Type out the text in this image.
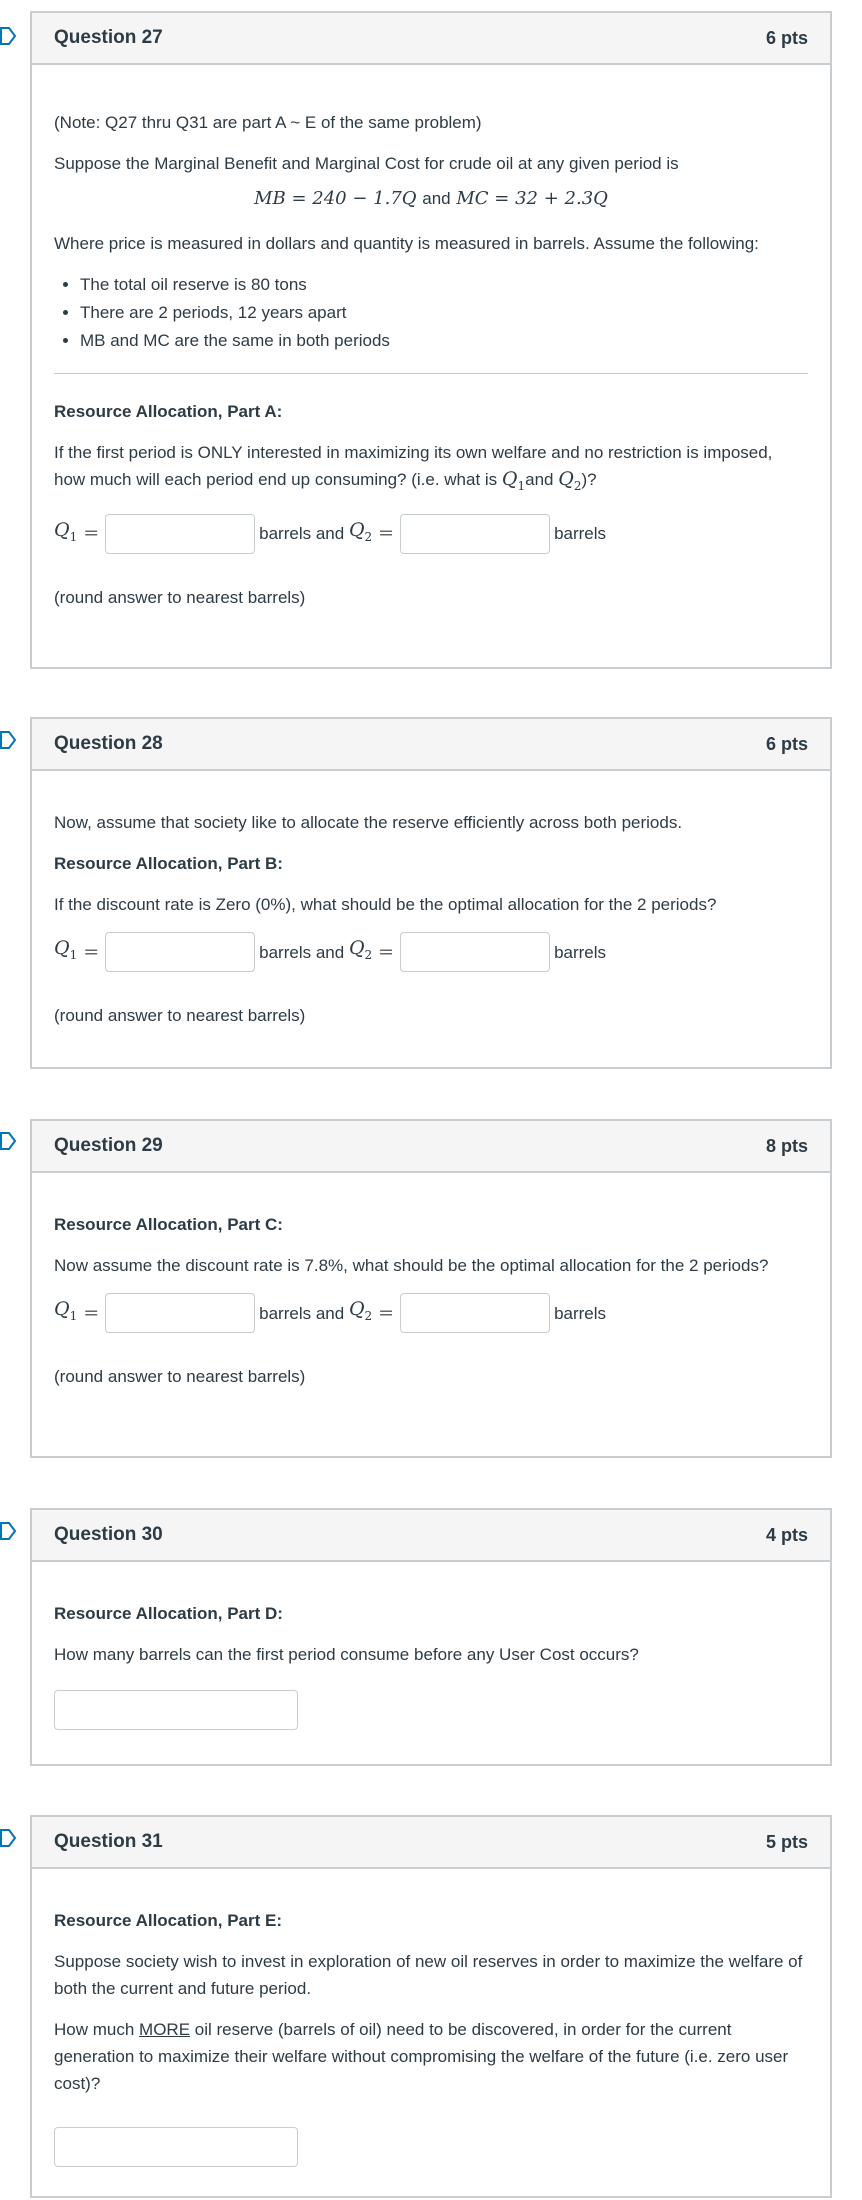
Question 27	6 pts

(Note: Q27 thru Q31 are part A ~ E of the same problem)

Suppose the Marginal Benefit and Marginal Cost for crude oil at any given period is

MB = 240 − 1.7Q and MC = 32 + 2.3Q

Where price is measured in dollars and quantity is measured in barrels. Assume the following:

• The total oil reserve is 80 tons
• There are 2 periods, 12 years apart
• MB and MC are the same in both periods

Resource Allocation, Part A:

If the first period is ONLY interested in maximizing its own welfare and no restriction is imposed, how much will each period end up consuming? (i.e. what is $Q_1and$ $Q_2$)?

$Q_1$ =	barrels and
$Q_2$ =	barrels

(round answer to nearest barrels)

Question 28	6 pts

Now, assume that society like to allocate the reserve efficiently across both periods.

Resource Allocation, Part B:

If the discount rate is Zero (0%), what should be the optimal allocation for the 2 periods?

$Q_1$ =	barrels and
$Q_2$ =	barrels

(round answer to nearest barrels)

Question 29	8 pts

Resource Allocation, Part C:

Now assume the discount rate is 7.8%, what should be the optimal allocation for the 2 periods?

$Q_1$ =	barrels and
$Q_2$ =	barrels

(round answer to nearest barrels)

Question 30	4 pts

Resource Allocation, Part D:

How many barrels can the first period consume before any User Cost occurs?

Question 31	5 pts

Resource Allocation, Part E:

Suppose society wish to invest in exploration of new oil reserves in order to maximize the welfare of both the current and future period.

How much MORE oil reserve (barrels of oil) need to be discovered, in order for the current generation to maximize their welfare without compromising the welfare of the future (i.e. zero user cost)?
